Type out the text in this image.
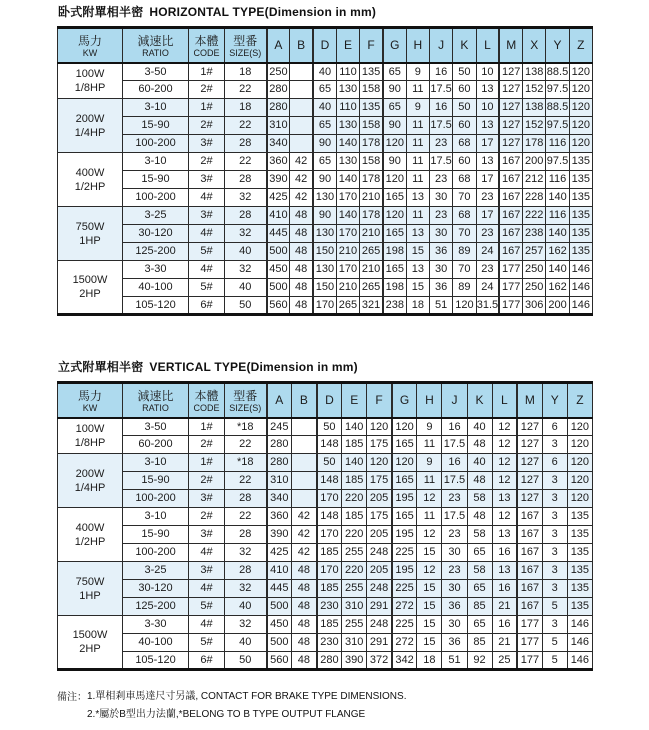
卧式附單相半密 HORIZONTAL TYPE(Dimension in mm)
馬力
KW

減速比
RATIO

本體
CODE

型番
SIZE(S)
	A	B	D	E	F	G	H	J	K	L	M	X	Y	Z

100W
1/8HP	3-50	1#	18	250		40	110	135	65	9	16	50	10	127	138	88.5	120
	60-200	2#	22	280		65	130	158	90	11	17.5	60	13	127	152	97.5	120

200W
1/4HP	3-10	1#	18	280		40	110	135	65	9	16	50	10	127	138	88.5	120
	15-90	2#	22	310		65	130	158	90	11	17.5	60	13	127	152	97.5	120
	100-200	3#	28	340		90	140	178	120	11	23	68	17	127	178	116	120

400W
1/2HP	3-10	2#	22	360	42	65	130	158	90	11	17.5	60	13	167	200	97.5	135
	15-90	3#	28	390	42	90	140	178	120	11	23	68	17	167	212	116	135
	100-200	4#	32	425	42	130	170	210	165	13	30	70	23	167	228	140	135

750W
1HP	3-25	3#	28	410	48	90	140	178	120	11	23	68	17	167	222	116	135
	30-120	4#	32	445	48	130	170	210	165	13	30	70	23	167	238	140	135
	125-200	5#	40	500	48	150	210	265	198	15	36	89	24	167	257	162	135

1500W
2HP	3-30	4#	32	450	48	130	170	210	165	13	30	70	23	177	250	140	146
	40-100	5#	40	500	48	150	210	265	198	15	36	89	24	177	250	162	146
	105-120	6#	50	560	48	170	265	321	238	18	51	120	31.5	177	306	200	146
立式附單相半密 VERTICAL TYPE(Dimension in mm)
馬力
KW

減速比
RATIO

本體
CODE

型番
SIZE(S)
	A	B	D	E	F	G	H	J	K	L	M	Y	Z

100W
1/8HP	3-50	1#	*18	245		50	140	120	120	9	16	40	12	127	6	120
	60-200	2#	22	280		148	185	175	165	11	17.5	48	12	127	3	120

200W
1/4HP	3-10	1#	*18	280		50	140	120	120	9	16	40	12	127	6	120
	15-90	2#	22	310		148	185	175	165	11	17.5	48	12	127	3	120
	100-200	3#	28	340		170	220	205	195	12	23	58	13	127	3	120

400W
1/2HP	3-10	2#	22	360	42	148	185	175	165	11	17.5	48	12	167	3	135
	15-90	3#	28	390	42	170	220	205	195	12	23	58	13	167	3	135
	100-200	4#	32	425	42	185	255	248	225	15	30	65	16	167	3	135

750W
1HP	3-25	3#	28	410	48	170	220	205	195	12	23	58	13	167	3	135
	30-120	4#	32	445	48	185	255	248	225	15	30	65	16	167	3	135
	125-200	5#	40	500	48	230	310	291	272	15	36	85	21	167	5	135

1500W
2HP	3-30	4#	32	450	48	185	255	248	225	15	30	65	16	177	3	146
	40-100	5#	40	500	48	230	310	291	272	15	36	85	21	177	5	146
	105-120	6#	50	560	48	280	390	372	342	18	51	92	25	177	5	146
備注： 1.單相剎車馬達尺寸另議, CONTACT FOR BRAKE TYPE DIMENSIONS.
2.*屬於B型出力法蘭,*BELONG TO B TYPE OUTPUT FLANGE
